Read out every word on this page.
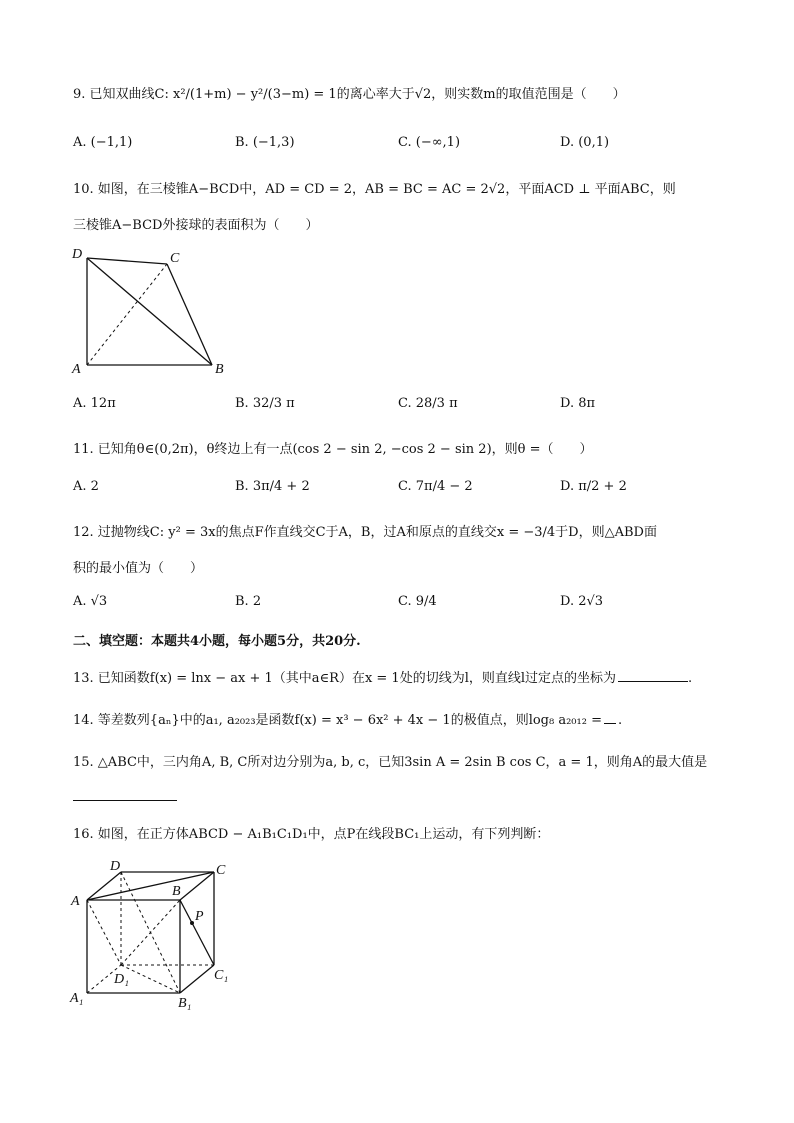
9. 已知双曲线C: x²/(1+m) − y²/(3−m) = 1的离心率大于√2，则实数m的取值范围是（　　）
A. (−1,1)	B. (−1,3)	C. (−∞,1)	D. (0,1)
10. 如图，在三棱锥A−BCD中，AD = CD = 2，AB = BC = AC = 2√2，平面ACD ⊥ 平面ABC，则
三棱锥A−BCD外接球的表面积为（　　）
D	C
A	B
A. 12π	B. 32/3 π	C. 28/3 π	D. 8π
11. 已知角θ∈(0,2π)，θ终边上有一点(cos 2 − sin 2, −cos 2 − sin 2)，则θ =（　　）
A. 2	B. 3π/4 + 2	C. 7π/4 − 2	D. π/2 + 2
12. 过抛物线C: y² = 3x的焦点F作直线交C于A，B，过A和原点的直线交x = −3/4于D，则△ABD面
积的最小值为（　　）
A. √3	B. 2	C. 9/4	D. 2√3
二、填空题：本题共4小题，每小题5分，共20分.
13. 已知函数f(x) = lnx − ax + 1（其中a∈R）在x = 1处的切线为l，则直线l过定点的坐标为	.
14. 等差数列{aₙ}中的a₁, a₂₀₂₃是函数f(x) = x³ − 6x² + 4x − 1的极值点，则log₈ a₂₀₁₂ = .
15. △ABC中，三内角A, B, C所对边分别为a, b, c，已知3sin A = 2sin B cos C，a = 1，则角A的最大值是
16. 如图，在正方体ABCD − A₁B₁C₁D₁中，点P在线段BC₁上运动，有下列判断：
D	C
A
B
P
D₁	C₁
A₁	B₁
